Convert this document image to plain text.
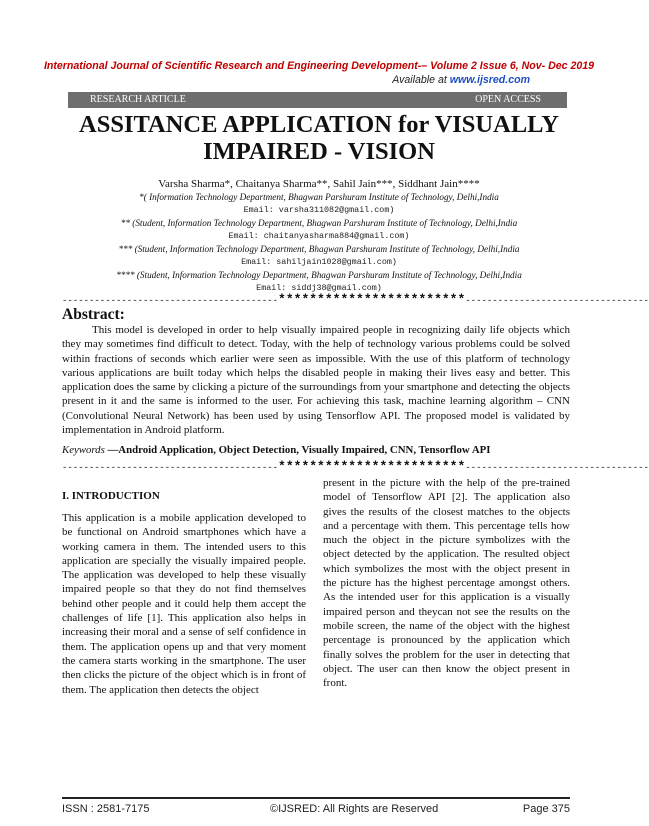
International Journal of Scientific Research and Engineering Development-– Volume 2 Issue 6, Nov- Dec 2019
Available at www.ijsred.com
RESEARCH ARTICLE	OPEN ACCESS
ASSITANCE APPLICATION for VISUALLY
IMPAIRED - VISION
Varsha Sharma*, Chaitanya Sharma**, Sahil Jain***, Siddhant Jain****
*( Information Technology Department, Bhagwan Parshuram Institute of Technology, Delhi,India
Email: varsha311082@gmail.com)
** (Student, Information Technology Department, Bhagwan Parshuram Institute of Technology, Delhi,India
Email: chaitanyasharma884@gmail.com)
*** (Student, Information Technology Department, Bhagwan Parshuram Institute of Technology, Delhi,India
Email: sahiljain1028@gmail.com)
**** (Student, Information Technology Department, Bhagwan Parshuram Institute of Technology, Delhi,India
Email: siddj38@gmail.com)
----------------------------------------************************----------------------------------
Abstract:

This model is developed in order to help visually impaired people in recognizing daily life objects which they may sometimes find difficult to detect. Today, with the help of technology various problems could be solved within fractions of seconds which earlier were seen as impossible. With the use of this platform of technology various applications are built today which helps the disabled people in making their lives easy and better. This application does the same by clicking a picture of the surroundings from your smartphone and detecting the objects present in it and the same is informed to the user. For achieving this task, machine learning algorithm – CNN (Convolutional Neural Network) has been used by using Tensorflow API. The proposed model is validated by implementation in Android platform.

Keywords —Android Application, Object Detection, Visually Impaired, CNN, Tensorflow API
----------------------------------------************************----------------------------------
I. INTRODUCTION

This application is a mobile application developed to be functional on Android smartphones which have a working camera in them. The intended users to this application are specially the visually impaired people. The application was developed to help these visually impaired people so that they do not find themselves behind other people and it could help them accept the challenges of life [1]. This application also helps in increasing their moral and a sense of self confidence in them. The application opens up and that very moment the camera starts working in the smartphone. The user then clicks the picture of the object which is in front of them. The application then detects the object

present in the picture with the help of the pre-trained model of Tensorflow API [2]. The application also gives the results of the closest matches to the objects and a percentage with them. This percentage tells how much the object in the picture symbolizes with the object detected by the application. The resulted object which symbolizes the most with the object present in the picture has the highest percentage amongst others. As the intended user for this application is a visually impaired person and theycan not see the results on the mobile screen, the name of the object with the highest percentage is pronounced by the application which finally solves the problem for the user in detecting that object. The user can then know the object present in front.

ISSN : 2581-7175	©IJSRED: All Rights are Reserved	Page 375
